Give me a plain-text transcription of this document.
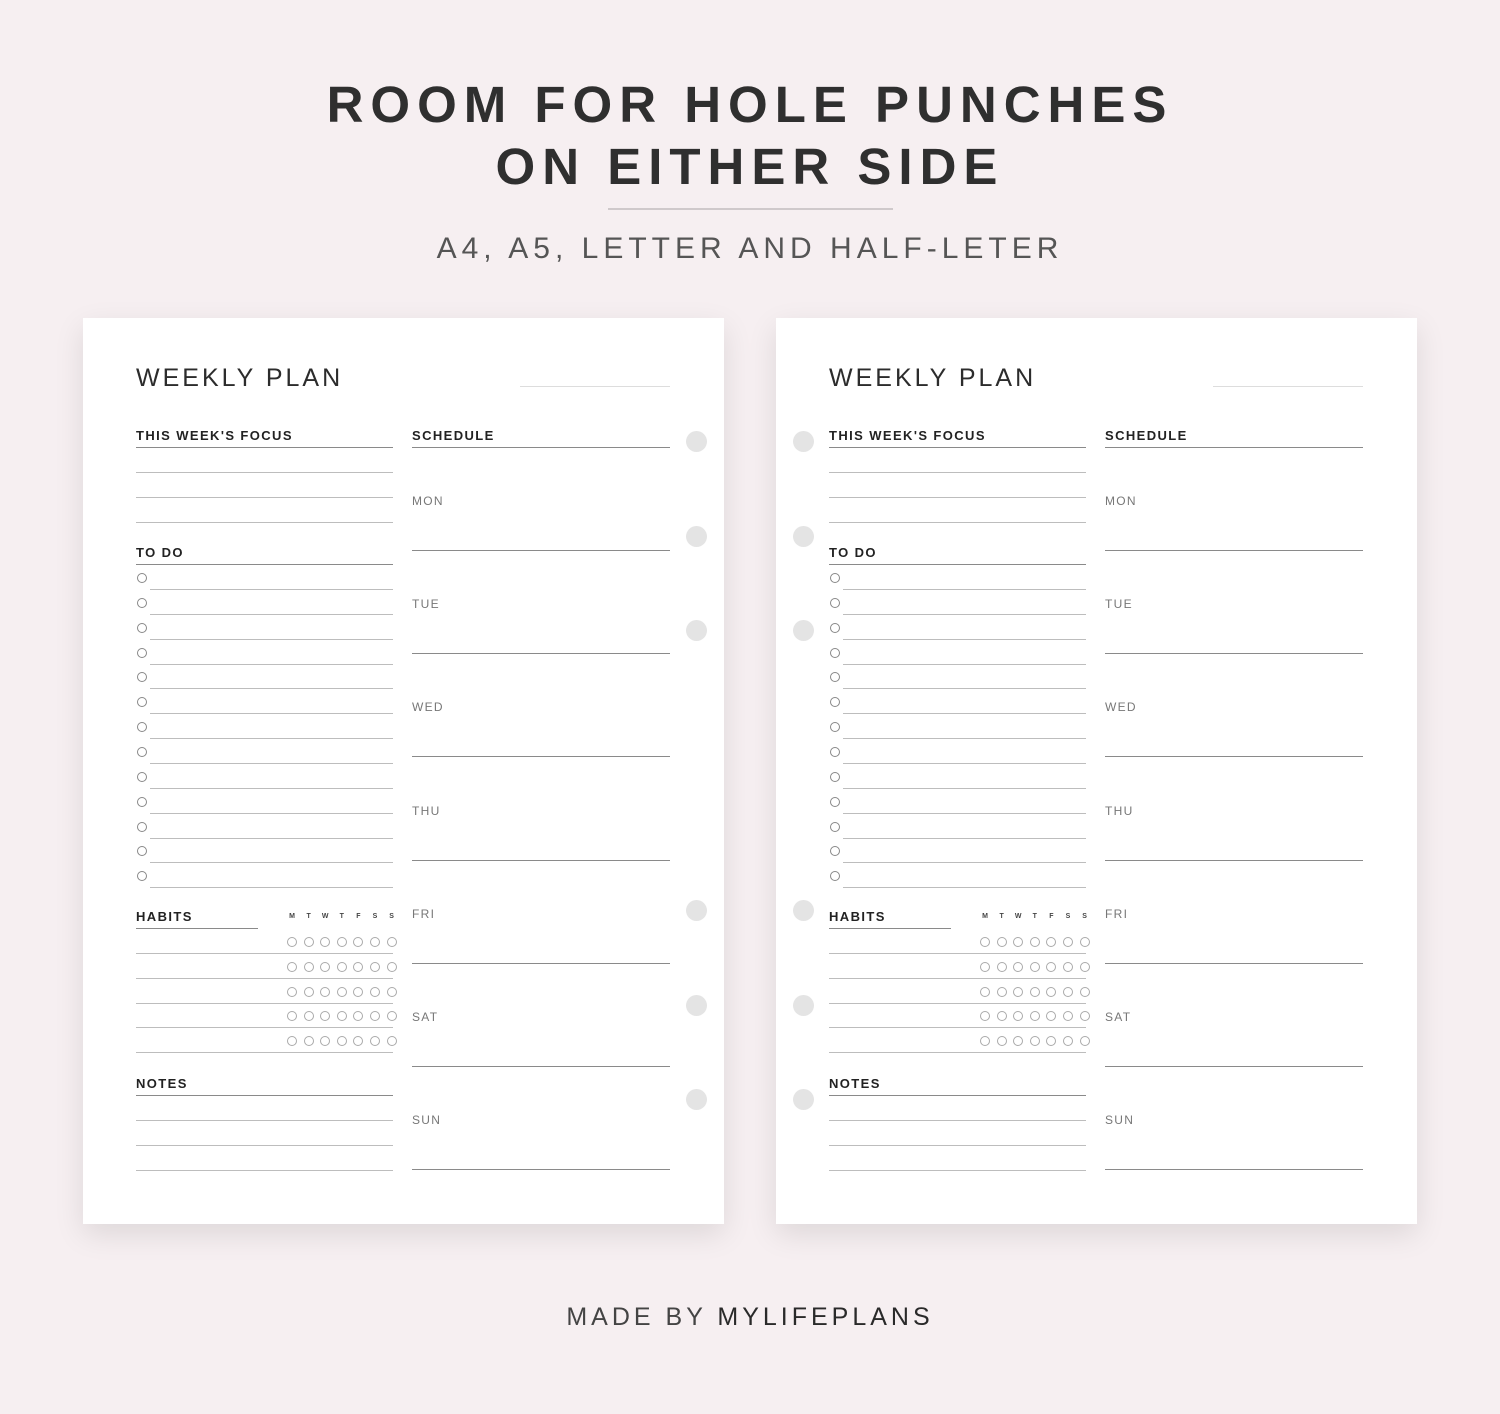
ROOM FOR HOLE PUNCHES
ON EITHER SIDE
A4, A5, LETTER AND HALF-LETER
WEEKLY PLAN
THIS WEEK'S FOCUS
TO DO
HABITS	M	T	W	T	F	S	S
NOTES
SCHEDULE
MON
TUE
WED
THU
FRI
SAT
SUN
WEEKLY PLAN
THIS WEEK'S FOCUS
TO DO
HABITS	M	T	W	T	F	S	S
NOTES
SCHEDULE
MON
TUE
WED
THU
FRI
SAT
SUN
MADE BY MYLIFEPLANS
